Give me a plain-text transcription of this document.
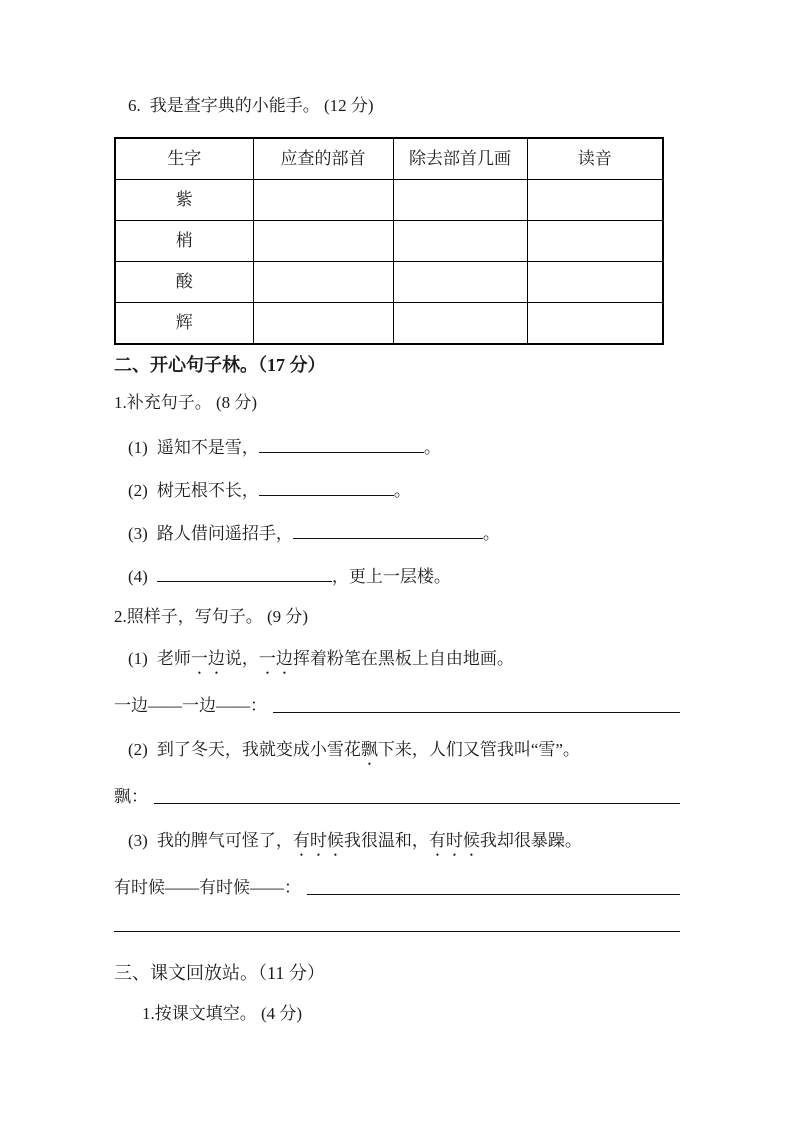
6. 我是查字典的小能手。 (12 分)
生字	应查的部首	除去部首几画	读音
紫			
梢			
酸			
辉			
二、开心句子林。（17 分）
1.补充句子。 (8 分)
(1) 遥知不是雪，	。
(2) 树无根不长，	。
(3) 路人借问遥招手，	。
(4)	，更上一层楼。
2.照样子，写句子。 (9 分)
(1) 老师一边说，一边挥着粉笔在黑板上自由地画。
一边——一边——：
(2) 到了冬天，我就变成小雪花飘下来，人们又管我叫“雪”。
飘：
(3) 我的脾气可怪了，有时候我很温和，有时候我却很暴躁。
有时候——有时候——：
三、课文回放站。（11 分）
1.按课文填空。 (4 分)
